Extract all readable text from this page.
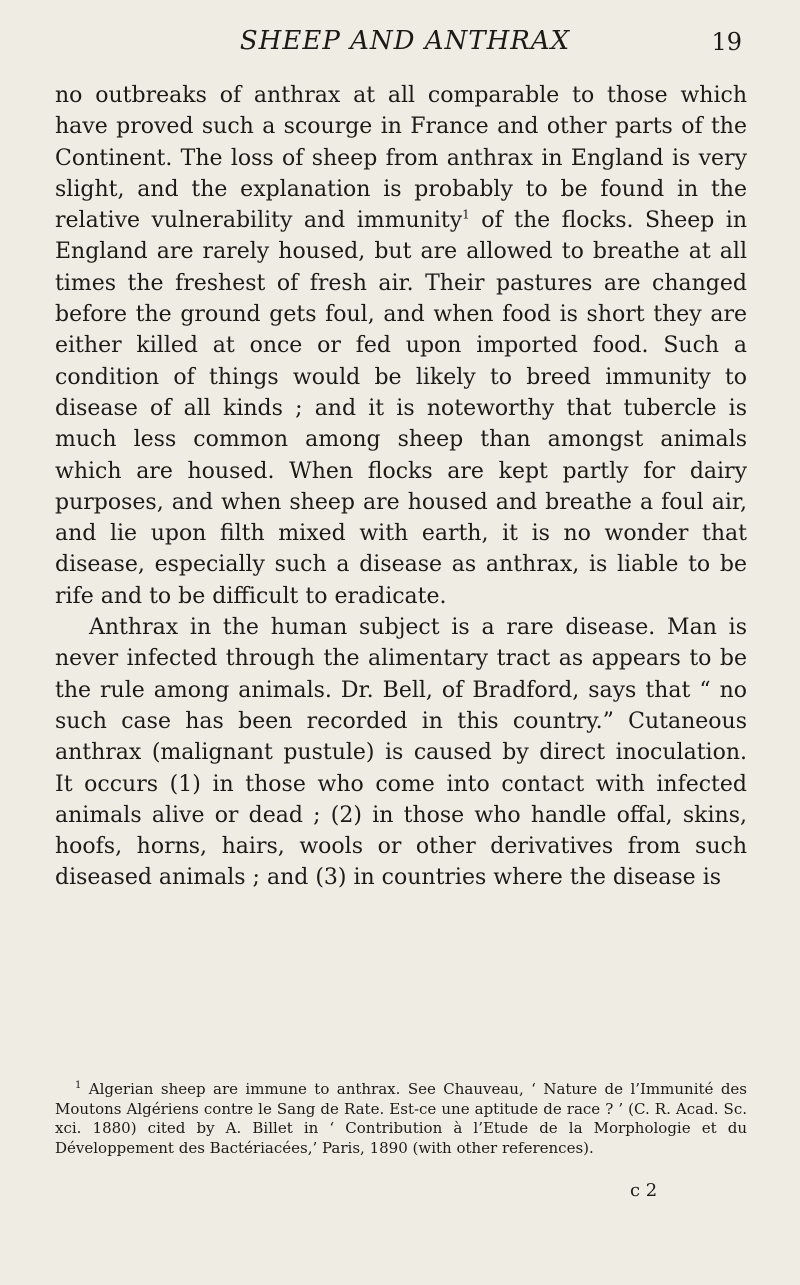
SHEEP AND ANTHRAX	19

no outbreaks of anthrax at all comparable to those which have proved such a scourge in France and other parts of the Continent. The loss of sheep from anthrax in England is very slight, and the explanation is probably to be found in the relative vulnerability and immunity$^1$ of the flocks. Sheep in England are rarely housed, but are allowed to breathe at all times the freshest of fresh air. Their pastures are changed before the ground gets foul, and when food is short they are either killed at once or fed upon imported food. Such a condition of things would be likely to breed immunity to disease of all kinds ; and it is noteworthy that tubercle is much less common among sheep than amongst animals which are housed. When flocks are kept partly for dairy purposes, and when sheep are housed and breathe a foul air, and lie upon filth mixed with earth, it is no wonder that disease, especially such a disease as anthrax, is liable to be rife and to be difficult to eradicate.

Anthrax in the human subject is a rare disease. Man is never infected through the alimentary tract as appears to be the rule among animals. Dr. Bell, of Bradford, says that “ no such case has been recorded in this country.” Cutaneous anthrax (malignant pustule) is caused by direct inoculation. It occurs (1) in those who come into contact with infected animals alive or dead ; (2) in those who handle offal, skins, hoofs, horns, hairs, wools or other derivatives from such diseased animals ; and (3) in countries where the disease is

$^1$ Algerian sheep are immune to anthrax. See Chauveau, ‘ Nature de l’Immunité des Moutons Algériens contre le Sang de Rate. Est-ce une aptitude de race ? ’ (C. R. Acad. Sc. xci. 1880) cited by A. Billet in ‘ Contribution à l’Etude de la Morphologie et du Développement des Bactériacées,’ Paris, 1890 (with other references).

c 2
